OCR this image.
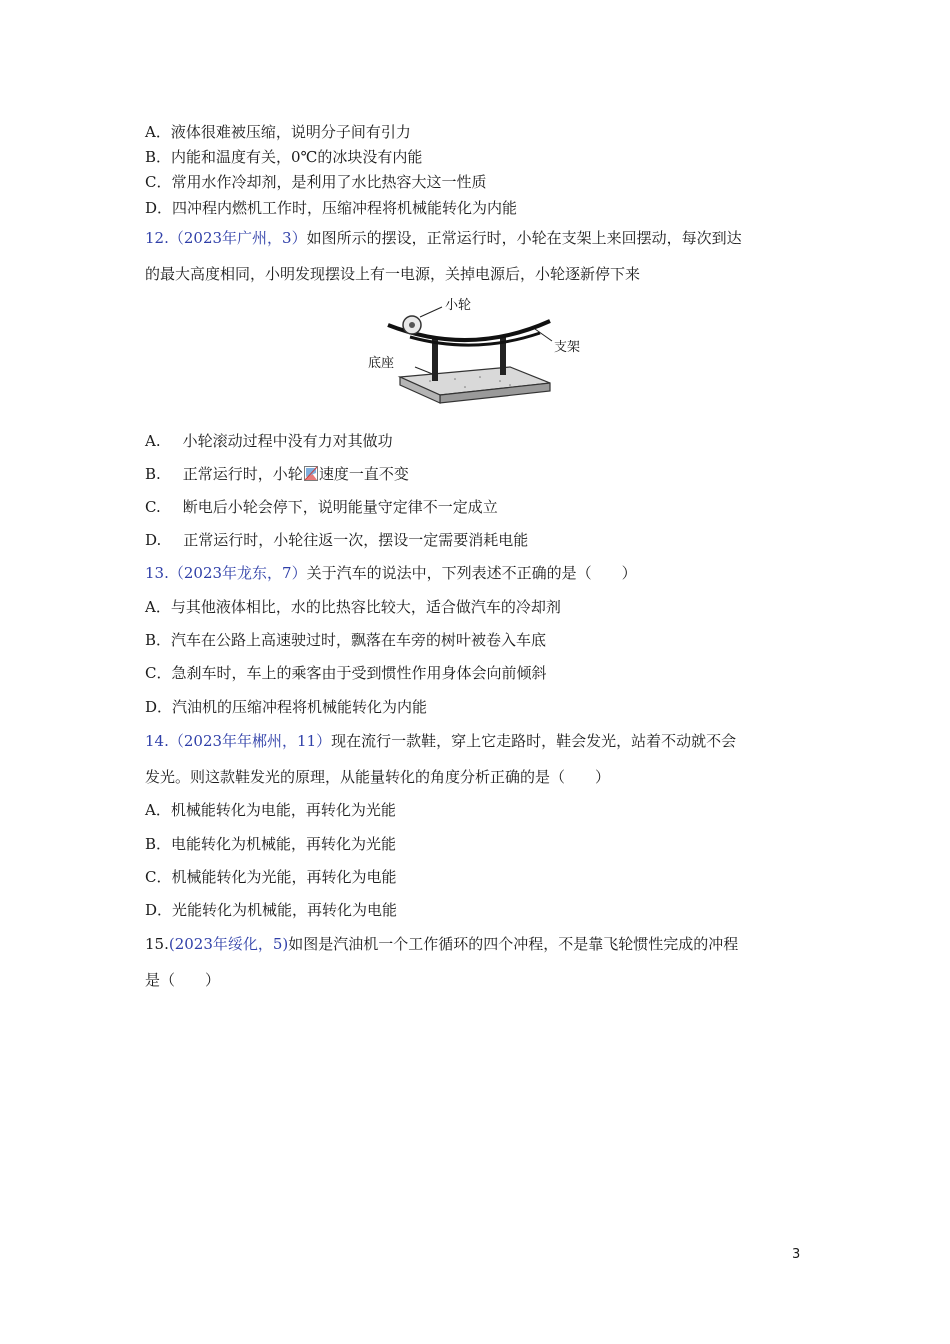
A．液体很难被压缩，说明分子间有引力
B．内能和温度有关，0℃的冰块没有内能
C．常用水作冷却剂，是利用了水比热容大这一性质
D．四冲程内燃机工作时，压缩冲程将机械能转化为内能
12.（2023年广州，3）如图所示的摆设，正常运行时，小轮在支架上来回摆动，每次到达
的最大高度相同，小明发现摆设上有一电源，关掉电源后，小轮逐新停下来
小轮
支架
底座
A. 小轮滚动过程中没有力对其做功
B. 正常运行时，小轮 速度一直不变
C. 断电后小轮会停下，说明能量守定律不一定成立
D. 正常运行时，小轮往返一次，摆设一定需要消耗电能
13.（2023年龙东，7）关于汽车的说法中，下列表述不正确的是（　　）
A．与其他液体相比，水的比热容比较大，适合做汽车的冷却剂
B．汽车在公路上高速驶过时，飘落在车旁的树叶被卷入车底
C．急刹车时，车上的乘客由于受到惯性作用身体会向前倾斜
D．汽油机的压缩冲程将机械能转化为内能
14.（2023年年郴州，11）现在流行一款鞋，穿上它走路时，鞋会发光，站着不动就不会
发光。则这款鞋发光的原理，从能量转化的角度分析正确的是（　　）
A．机械能转化为电能，再转化为光能
B．电能转化为机械能，再转化为光能
C．机械能转化为光能，再转化为电能
D．光能转化为机械能，再转化为电能
15.(2023年绥化，5)如图是汽油机一个工作循环的四个冲程，不是靠飞轮惯性完成的冲程
是（　　）
3
